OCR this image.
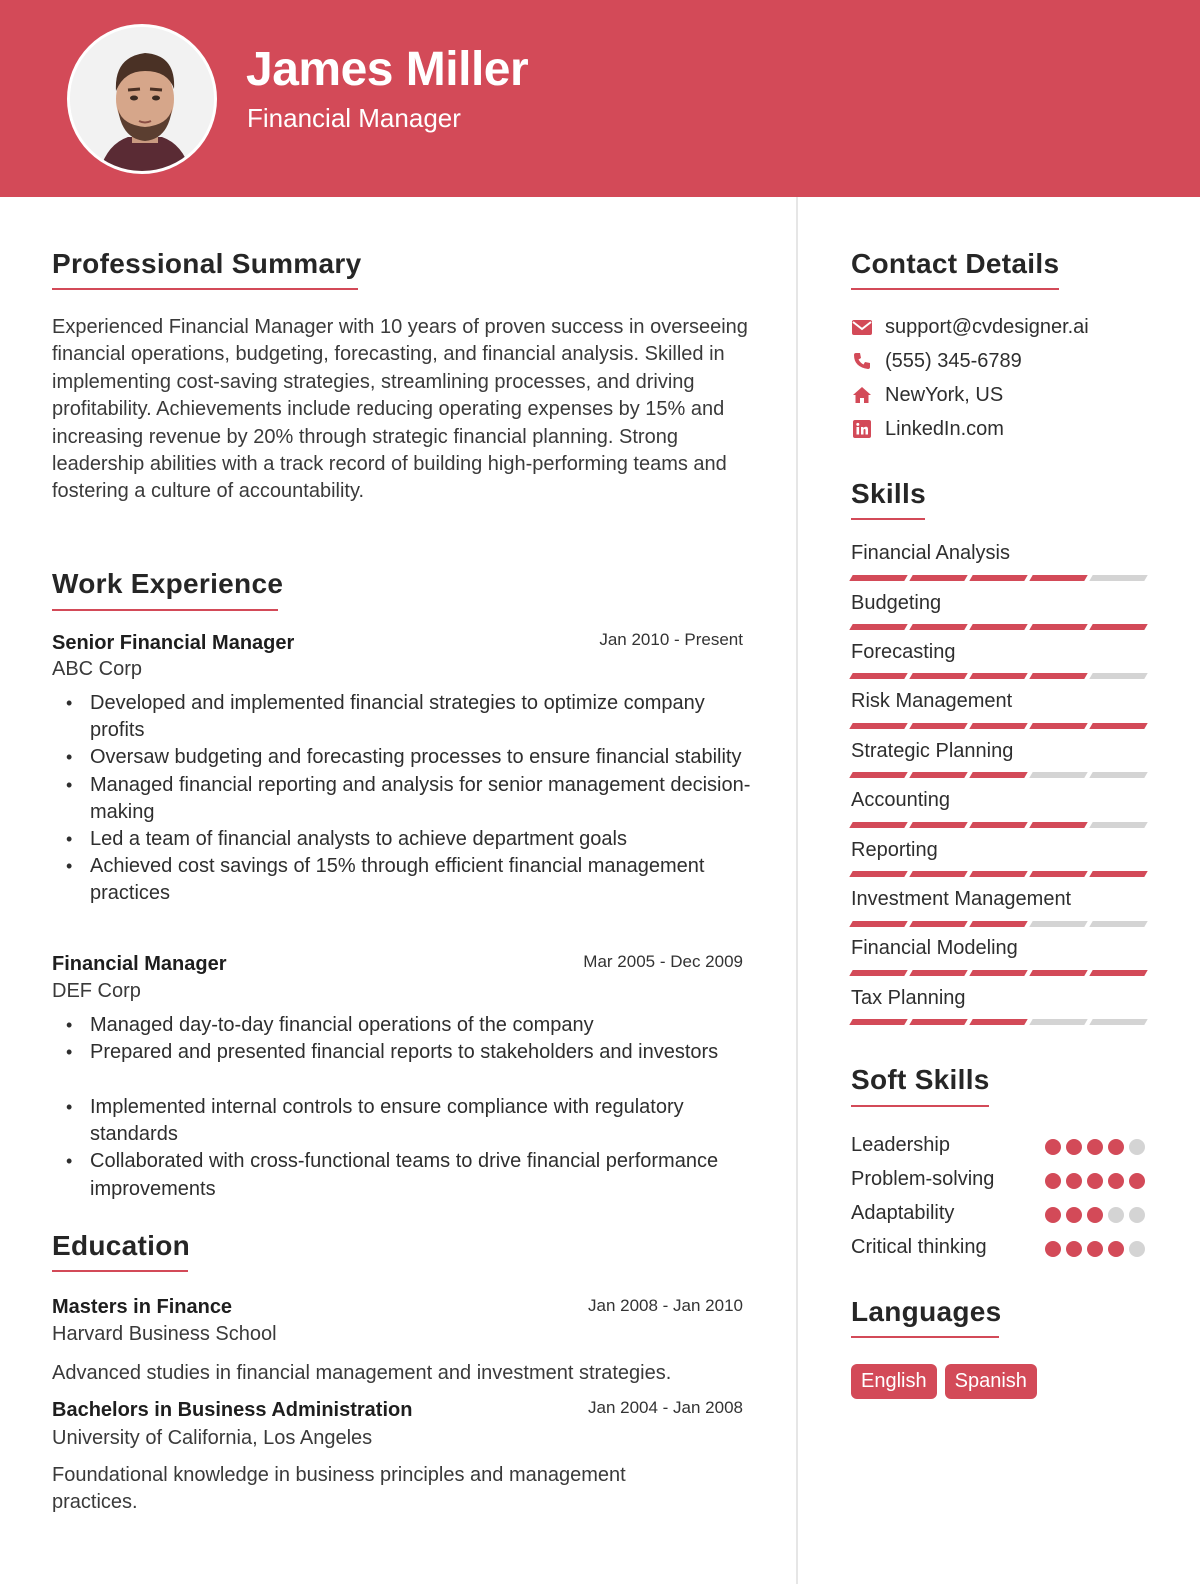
James Miller
Financial Manager
Professional Summary
Experienced Financial Manager with 10 years of proven success in overseeing financial operations, budgeting, forecasting, and financial analysis. Skilled in implementing cost-saving strategies, streamlining processes, and driving profitability. Achievements include reducing operating expenses by 15% and increasing revenue by 20% through strategic financial planning. Strong leadership abilities with a track record of building high-performing teams and fostering a culture of accountability.
Work Experience
Senior Financial Manager	Jan 2010 - Present
ABC Corp
• Developed and implemented financial strategies to optimize company profits
• Oversaw budgeting and forecasting processes to ensure financial stability
• Managed financial reporting and analysis for senior management decision-making
• Led a team of financial analysts to achieve department goals
• Achieved cost savings of 15% through efficient financial management practices
Financial Manager	Mar 2005 - Dec 2009
DEF Corp
• Managed day-to-day financial operations of the company
• Prepared and presented financial reports to stakeholders and investors
• Implemented internal controls to ensure compliance with regulatory standards
• Collaborated with cross-functional teams to drive financial performance improvements
Education
Masters in Finance	Jan 2008 - Jan 2010
Harvard Business School
Advanced studies in financial management and investment strategies.
Bachelors in Business Administration	Jan 2004 - Jan 2008
University of California, Los Angeles
Foundational knowledge in business principles and management practices.
Contact Details
support@cvdesigner.ai
(555) 345-6789
NewYork, US
LinkedIn.com
Skills
Financial Analysis
Budgeting
Forecasting
Risk Management
Strategic Planning
Accounting
Reporting
Investment Management
Financial Modeling
Tax Planning
Soft Skills
Leadership
Problem-solving
Adaptability
Critical thinking
Languages
English	Spanish
